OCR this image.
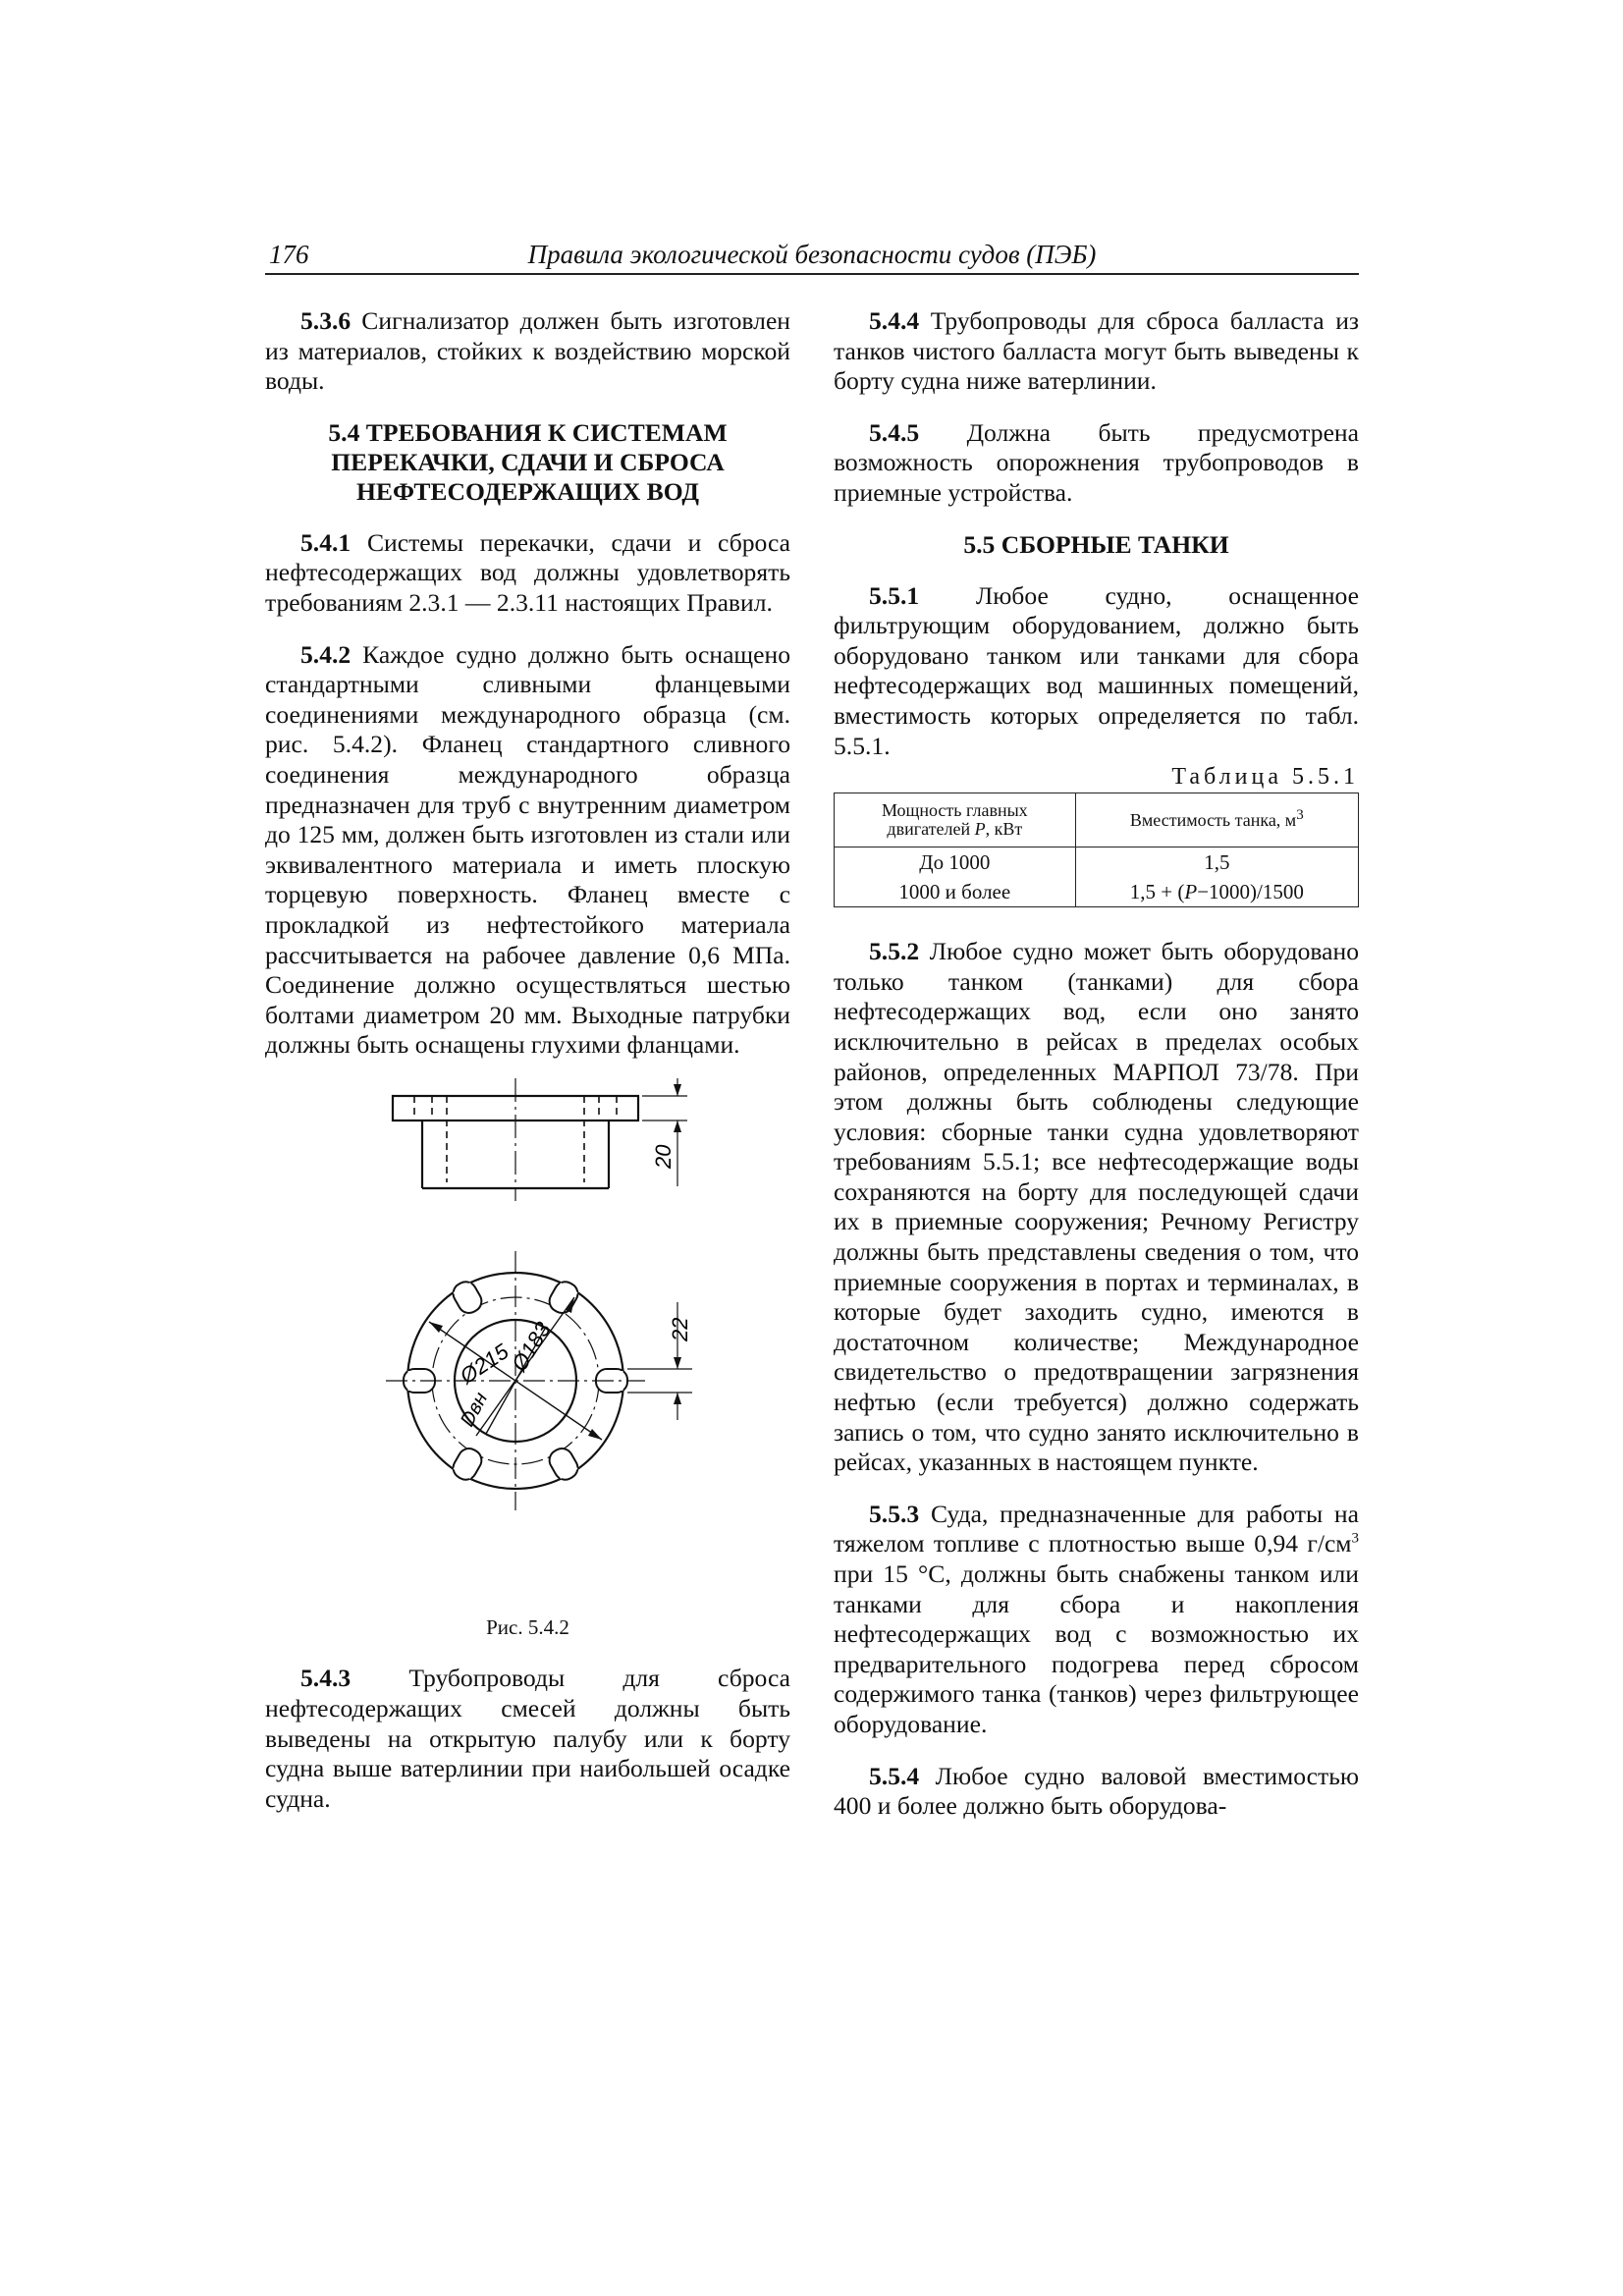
176	Правила экологической безопасности судов (ПЭБ)

5.3.6 Сигнализатор должен быть изготовлен из материалов, стойких к воздействию морской воды.

5.4 ТРЕБОВАНИЯ К СИСТЕМАМ ПЕРЕКАЧКИ, СДАЧИ И СБРОСА НЕФТЕСОДЕРЖАЩИХ ВОД

5.4.1 Системы перекачки, сдачи и сброса нефтесодержащих вод должны удовлетворять требованиям 2.3.1 — 2.3.11 настоящих Правил.

5.4.2 Каждое судно должно быть оснащено стандартными сливными фланцевыми соединениями международного образца (см. рис. 5.4.2). Фланец стандартного сливного соединения международного образца предназначен для труб с внутренним диаметром до 125 мм, должен быть изготовлен из стали или эквивалентного материала и иметь плоскую торцевую поверхность. Фланец вместе с прокладкой из нефтестойкого материала рассчитывается на рабочее давление 0,6 МПа. Соединение должно осуществляться шестью болтами диаметром 20 мм. Выходные патрубки должны быть оснащены глухими фланцами.

20
22
Ø215
Ø183
Dвн
Рис. 5.4.2

5.4.3 Трубопроводы для сброса нефтесодержащих смесей должны быть выведены на открытую палубу или к борту судна выше ватерлинии при наибольшей осадке судна.

5.4.4 Трубопроводы для сброса балласта из танков чистого балласта могут быть выведены к борту судна ниже ватерлинии.

5.4.5 Должна быть предусмотрена возможность опорожнения трубопроводов в приемные устройства.

5.5 СБОРНЫЕ ТАНКИ

5.5.1 Любое судно, оснащенное фильтрующим оборудованием, должно быть оборудовано танком или танками для сбора нефтесодержащих вод машинных помещений, вместимость которых определяется по табл. 5.5.1.

Таблица 5.5.1
Мощность главных
двигателей P, кВт	Вместимость танка, $м^3$
До 1000	1,5
1000 и более	1,5 + (P−1000)/1500

5.5.2 Любое судно может быть оборудовано только танком (танками) для сбора нефтесодержащих вод, если оно занято исключительно в рейсах в пределах особых районов, определенных МАРПОЛ 73/78. При этом должны быть соблюдены следующие условия: сборные танки судна удовлетворяют требованиям 5.5.1; все нефтесодержащие воды сохраняются на борту для последующей сдачи их в приемные сооружения; Речному Регистру должны быть представлены сведения о том, что приемные сооружения в портах и терминалах, в которые будет заходить судно, имеются в достаточном количестве; Международное свидетельство о предотвращении загрязнения нефтью (если требуется) должно содержать запись о том, что судно занято исключительно в рейсах, указанных в настоящем пункте.

5.5.3 Суда, предназначенные для работы на тяжелом топливе с плотностью выше 0,94 $г/см^3$ при 15 °С, должны быть снабжены танком или танками для сбора и накопления нефтесодержащих вод с возможностью их предварительного подогрева перед сбросом содержимого танка (танков) через фильтрующее оборудование.

5.5.4 Любое судно валовой вместимостью 400 и более должно быть оборудова-
